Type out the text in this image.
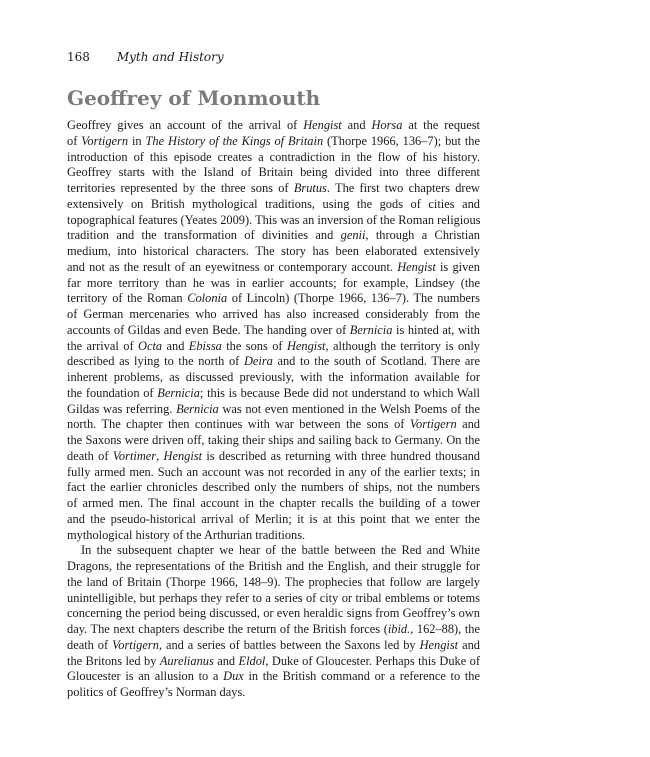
168 Myth and History
Geoffrey of Monmouth
Geoffrey gives an account of the arrival of Hengist and Horsa at the request
of Vortigern in The History of the Kings of Britain (Thorpe 1966, 136–7); but the
introduction of this episode creates a contradiction in the flow of his history.
Geoffrey starts with the Island of Britain being divided into three different
territories represented by the three sons of Brutus. The first two chapters drew
extensively on British mythological traditions, using the gods of cities and
topographical features (Yeates 2009). This was an inversion of the Roman religious
tradition and the transformation of divinities and genii, through a Christian
medium, into historical characters. The story has been elaborated extensively
and not as the result of an eyewitness or contemporary account. Hengist is given
far more territory than he was in earlier accounts; for example, Lindsey (the
territory of the Roman Colonia of Lincoln) (Thorpe 1966, 136–7). The numbers
of German mercenaries who arrived has also increased considerably from the
accounts of Gildas and even Bede. The handing over of Bernicia is hinted at, with
the arrival of Octa and Ebissa the sons of Hengist, although the territory is only
described as lying to the north of Deira and to the south of Scotland. There are
inherent problems, as discussed previously, with the information available for
the foundation of Bernicia; this is because Bede did not understand to which Wall
Gildas was referring. Bernicia was not even mentioned in the Welsh Poems of the
north. The chapter then continues with war between the sons of Vortigern and
the Saxons were driven off, taking their ships and sailing back to Germany. On the
death of Vortimer, Hengist is described as returning with three hundred thousand
fully armed men. Such an account was not recorded in any of the earlier texts; in
fact the earlier chronicles described only the numbers of ships, not the numbers
of armed men. The final account in the chapter recalls the building of a tower
and the pseudo-historical arrival of Merlin; it is at this point that we enter the
mythological history of the Arthurian traditions.
In the subsequent chapter we hear of the battle between the Red and White
Dragons, the representations of the British and the English, and their struggle for
the land of Britain (Thorpe 1966, 148–9). The prophecies that follow are largely
unintelligible, but perhaps they refer to a series of city or tribal emblems or totems
concerning the period being discussed, or even heraldic signs from Geoffrey’s own
day. The next chapters describe the return of the British forces (ibid., 162–88), the
death of Vortigern, and a series of battles between the Saxons led by Hengist and
the Britons led by Aurelianus and Eldol, Duke of Gloucester. Perhaps this Duke of
Gloucester is an allusion to a Dux in the British command or a reference to the
politics of Geoffrey’s Norman days.
